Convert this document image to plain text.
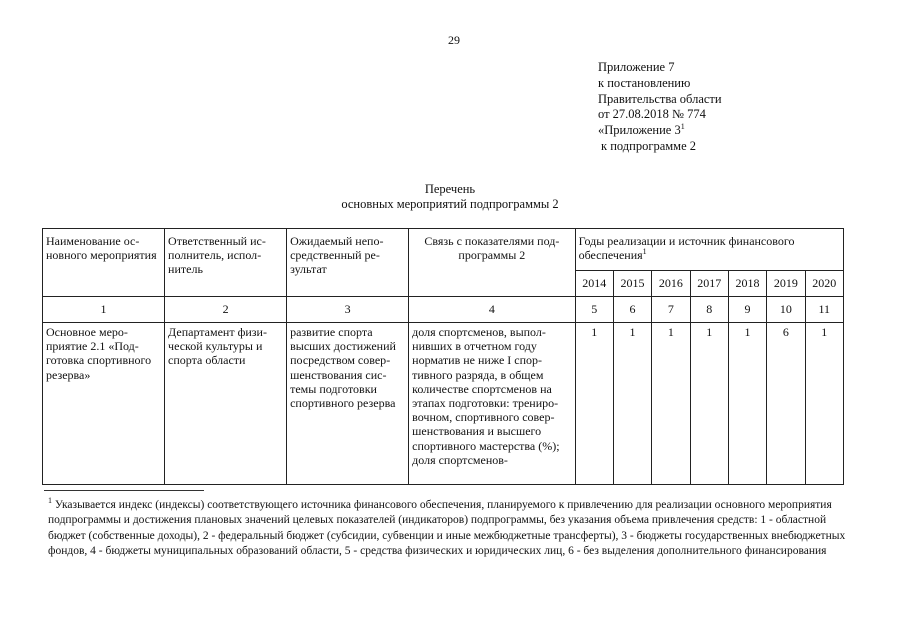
29
Приложение 7
к постановлению
Правительства области
от 27.08.2018 № 774
«Приложение $3^1$
к подпрограмме 2
Перечень
основных мероприятий подпрограммы 2
Наименование основного мероприятия	Ответственный исполнитель, исполнитель	Ожидаемый непосредственный результат	Связь с показателями подпрограммы 2	Годы реализации и источник финансового обеспечения$^1$
				2014	2015	2016	2017	2018	2019	2020
1	2	3	4	5	6	7	8	9	10	11
Основное мероприятие 2.1 «Подготовка спортивного резерва»	Департамент физической культуры и спорта области	развитие спорта высших достижений посредством совершенствования системы подготовки спортивного резерва	доля спортсменов, выполнивших в отчетном году норматив не ниже I спортивного разряда, в общем количестве спортсменов на этапах подготовки: тренировочном, спортивного совершенствования и высшего спортивного мастерства (%); доля спортсменов-	1	1	1	1	1	6	1
$^1$ Указывается индекс (индексы) соответствующего источника финансового обеспечения, планируемого к привлечению для реализации основного мероприятия подпрограммы и достижения плановых значений целевых показателей (индикаторов) подпрограммы, без указания объема привлечения средств: 1 - областной бюджет (собственные доходы), 2 - федеральный бюджет (субсидии, субвенции и иные межбюджетные трансферты), 3 - бюджеты государственных внебюджетных фондов, 4 - бюджеты муниципальных образований области, 5 - средства физических и юридических лиц, 6 - без выделения дополнительного финансирования
